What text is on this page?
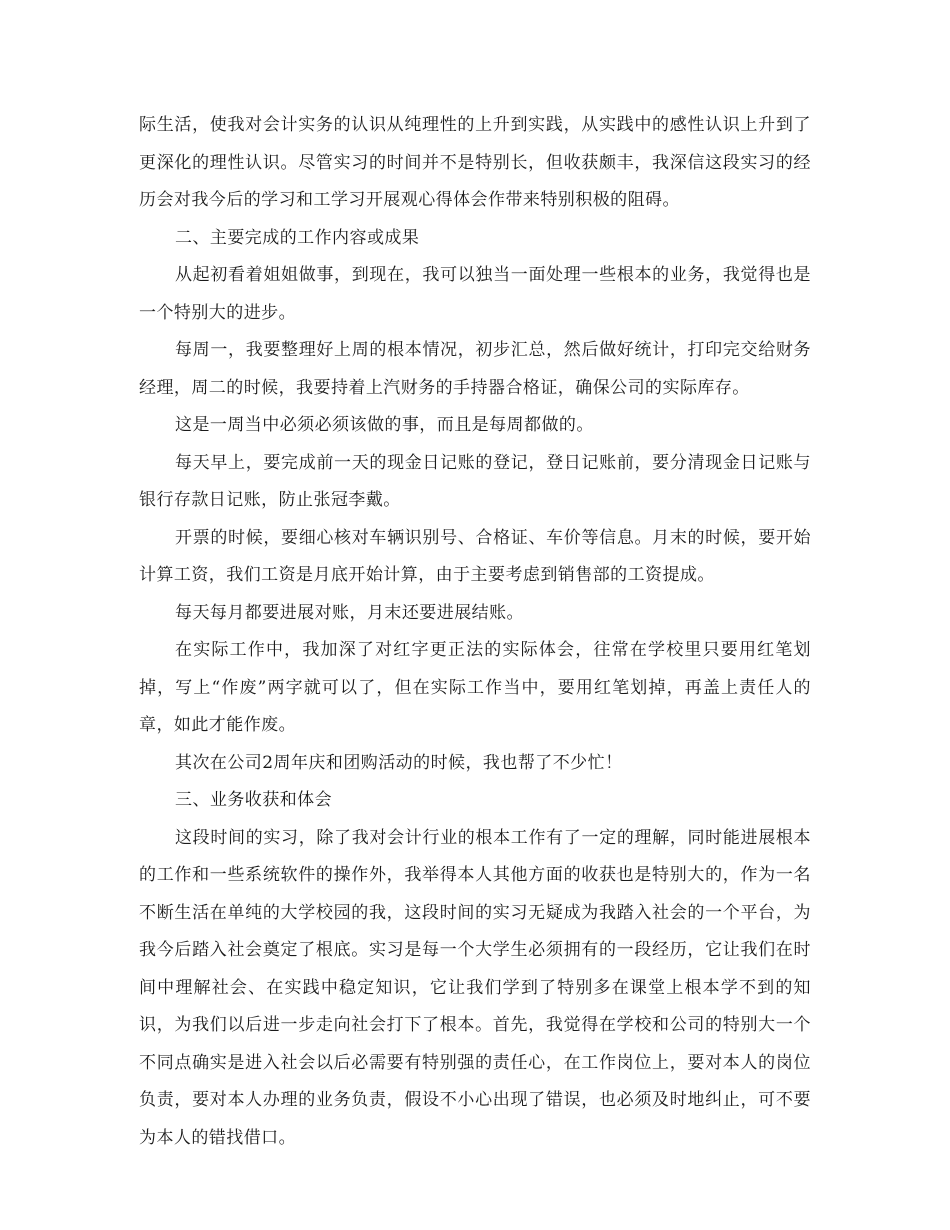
际生活，使我对会计实务的认识从纯理性的上升到实践，从实践中的感性认识上升到了更深化的理性认识。尽管实习的时间并不是特别长，但收获颇丰，我深信这段实习的经历会对我今后的学习和工学习开展观心得体会作带来特别积极的阻碍。

二、主要完成的工作内容或成果

从起初看着姐姐做事，到现在，我可以独当一面处理一些根本的业务，我觉得也是一个特别大的进步。

每周一，我要整理好上周的根本情况，初步汇总，然后做好统计，打印完交给财务经理，周二的时候，我要持着上汽财务的手持器合格证，确保公司的实际库存。

这是一周当中必须必须该做的事，而且是每周都做的。

每天早上，要完成前一天的现金日记账的登记，登日记账前，要分清现金日记账与银行存款日记账，防止张冠李戴。

开票的时候，要细心核对车辆识别号、合格证、车价等信息。月末的时候，要开始计算工资，我们工资是月底开始计算，由于主要考虑到销售部的工资提成。

每天每月都要进展对账，月末还要进展结账。

在实际工作中，我加深了对红字更正法的实际体会，往常在学校里只要用红笔划掉，写上“作废”两字就可以了，但在实际工作当中，要用红笔划掉，再盖上责任人的章，如此才能作废。

其次在公司2周年庆和团购活动的时候，我也帮了不少忙！

三、业务收获和体会

这段时间的实习，除了我对会计行业的根本工作有了一定的理解，同时能进展根本的工作和一些系统软件的操作外，我举得本人其他方面的收获也是特别大的，作为一名不断生活在单纯的大学校园的我，这段时间的实习无疑成为我踏入社会的一个平台，为我今后踏入社会奠定了根底。实习是每一个大学生必须拥有的一段经历，它让我们在时间中理解社会、在实践中稳定知识，它让我们学到了特别多在课堂上根本学不到的知识，为我们以后进一步走向社会打下了根本。首先，我觉得在学校和公司的特别大一个不同点确实是进入社会以后必需要有特别强的责任心，在工作岗位上，要对本人的岗位负责，要对本人办理的业务负责，假设不小心出现了错误，也必须及时地纠止，可不要为本人的错找借口。
